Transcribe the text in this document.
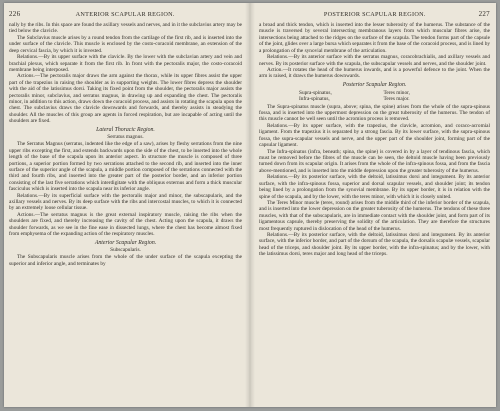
226	ANTERIOR SCAPULAR REGION.

nally by the ribs. In this space are found the axillary vessels and nerves, and in it the subclavius artery may be tied below the clavicle.

The Subclavius muscle arises by a round tendon from the cartilage of the first rib, and is inserted into the under surface of the clavicle. This muscle is enclosed by the costo-coracoid membrane, an extension of the deep cervical fascia, by which it is invested.

Relations.—By its upper surface with the clavicle. By the lower with the subclavian artery and vein and brachial plexus, which separate it from the first rib. In front with the pectoralis major, the costo-coracoid membrane being interposed.

Actions.—The pectoralis major draws the arm against the thorax, while its upper fibres assist the upper part of the trapezius in raising the shoulder as in supporting weights. The lower fibres depress the shoulder with the aid of the latissimus dorsi. Taking its fixed point from the shoulder, the pectoralis major assists the pectoralis minor, subclavius, and serratus magnus, in drawing up and expanding the chest. The pectoralis minor, in addition to this action, draws down the coracoid process, and assists in rotating the scapula upon the chest. The subclavius draws the clavicle downwards and forwards, and thereby assists in steadying the shoulder. All the muscles of this group are agents in forced respiration, but are incapable of acting until the shoulders are fixed.

Lateral Thoracic Region.
Serratus magnus.

The Serratus Magnus (serratus, indented like the edge of a saw), arises by fleshy serrations from the nine upper ribs excepting the first, and extends backwards upon the side of the chest, to be inserted into the whole length of the base of the scapula upon its anterior aspect. In structure the muscle is composed of three portions, a superior portion formed by two serrations attached to the second rib, and inserted into the inner surface of the superior angle of the scapula, a middle portion composed of the serrations connected with the third and fourth ribs, and inserted into the greater part of the posterior border, and an inferior portion consisting of the last five serrations which interdigitate with the obliquus externus and form a thick muscular fasciculus which is inserted into the scapula near its inferior angle.

Relations.—By its superficial surface with the pectoralis major and minor, the subscapularis, and the axillary vessels and nerves. By its deep surface with the ribs and intercostal muscles, to which it is connected by an extremely loose cellular tissue.

Actions.—The serratus magnus is the great external inspiratory muscle, raising the ribs when the shoulders are fixed, and thereby increasing the cavity of the chest. Acting upon the scapula, it draws the shoulder forwards, as we see in the fine ease in dissected lungs, where the chest has become almost fixed from emphysema of the expanding action of the respiratory muscles.

Anterior Scapular Region.
Subscapularis.

The Subscapularis muscle arises from the whole of the under surface of the scapula excepting the superior and inferior angle, and terminates by

POSTERIOR SCAPULAR REGION.	227

a broad and thick tendon, which is inserted into the lesser tuberosity of the humerus. The substance of the muscle is traversed by several intersecting membranous layers from which muscular fibres arise, the intersections being attached to the ridges on the surface of the scapula. The tendon forms part of the capsule of the joint, glides over a large bursa which separates it from the base of the coracoid process, and is lined by a prolongation of the synovial membrane of the articulation.

Relations.—By its anterior surface with the serratus magnus, coracobrachialis, and axillary vessels and nerves. By its posterior surface with the scapula, the subscapular vessels and nerves, and the shoulder joint.

Action.—It rotates the head of the humerus inwards, and is a powerful defence to the joint. When the arm is raised, it draws the humerus downwards.

Posterior Scapular Region.
Supra-spinatus,	Teres minor,
Infra-spinatus,	Teres major.

The Supra-spinatus muscle (supra, above; spina, the spine) arises from the whole of the supra-spinous fossa, and is inserted into the uppermost depression on the great tuberosity of the humerus. The tendon of this muscle cannot be well seen until the acromion process is removed.

Relations.—By its upper surface, with the trapezius, the clavicle, acromion, and coraco-acromial ligament. From the trapezius it is separated by a strong fascia. By its lower surface, with the supra-spinous fossa, the supra-scapular vessels and nerve, and the upper part of the shoulder joint, forming part of the capsular ligament.

The Infra-spinatus (infra, beneath; spina, the spine) is covered in by a layer of tendinous fascia, which must be removed before the fibres of the muscle can be seen, the deltoid muscle having been previously turned down from its scapular origin. It arises from the whole of the infra-spinous fossa, and from the fascia above-mentioned, and is inserted into the middle depression upon the greater tuberosity of the humerus.

Relations.—By its posterior surface, with the deltoid, latissimus dorsi and integument. By its anterior surface, with the infra-spinous fossa, superior and dorsal scapular vessels, and shoulder joint; its tendon being lined by a prolongation from the synovial membrane. By its upper border, it is in relation with the spine of the scapula, and by the lower, with the teres minor, with which it is closely united.

The Teres Minor muscle (teres, round) arises from the middle third of the inferior border of the scapula, and is inserted into the lower depression on the greater tuberosity of the humerus. The tendons of these three muscles, with that of the subscapularis, are in immediate contact with the shoulder joint, and form part of its ligamentous capsule, thereby preserving the solidity of the articulation. They are therefore the structures most frequently ruptured in dislocation of the head of the humerus.

Relations.—By its posterior surface, with the deltoid, latissimus dorsi and integument. By its anterior surface, with the inferior border, and part of the dorsum of the scapula, the dorsalis scapulæ vessels, scapular head of the triceps, and shoulder joint. By its upper border, with the infra-spinatus; and by the lower, with the latissimus dorsi, teres major and long head of the triceps.
